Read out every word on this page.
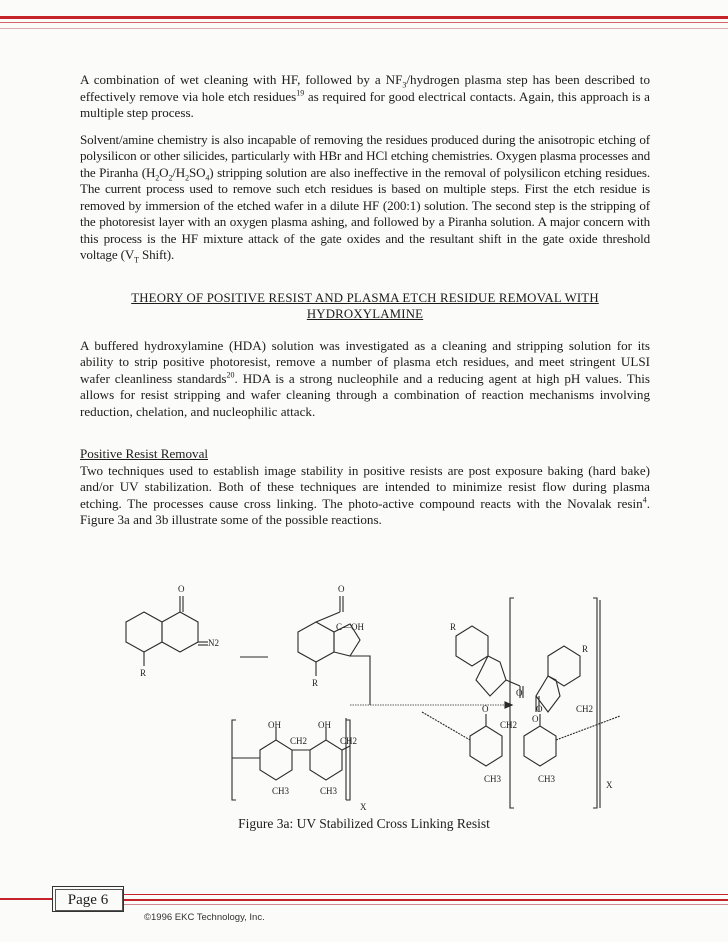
A combination of wet cleaning with HF, followed by a $NF_3$/hydrogen plasma step has been described to effectively remove via hole etch residues$^{19}$ as required for good electrical contacts. Again, this approach is a multiple step process.

Solvent/amine chemistry is also incapable of removing the residues produced during the anisotropic etching of polysilicon or other silicides, particularly with HBr and HCl etching chemistries. Oxygen plasma processes and the Piranha $(H_2O_2/H_2SO_4)$ stripping solution are also ineffective in the removal of polysilicon etching residues. The current process used to remove such etch residues is based on multiple steps. First the etch residue is removed by immersion of the etched wafer in a dilute HF (200:1) solution. The second step is the stripping of the photoresist layer with an oxygen plasma ashing, and followed by a Piranha solution. A major concern with this process is the HF mixture attack of the gate oxides and the resultant shift in the gate oxide threshold voltage ($V_T$ Shift).

THEORY OF POSITIVE RESIST AND PLASMA ETCH RESIDUE REMOVAL WITH HYDROXYLAMINE

A buffered hydroxylamine (HDA) solution was investigated as a cleaning and stripping solution for its ability to strip positive photoresist, remove a number of plasma etch residues, and meet stringent ULSI wafer cleanliness standards$^{20}$. HDA is a strong nucleophile and a reducing agent at high pH values. This allows for resist stripping and wafer cleaning through a combination of reaction mechanisms involving reduction, chelation, and nucleophilic attack.

Positive Resist Removal

Two techniques used to establish image stability in positive resists are post exposure baking (hard bake) and/or UV stabilization. Both of these techniques are intended to minimize resist flow during plasma etching. The processes cause cross linking. The photo-active compound reacts with the Novalak resin$^4$. Figure 3a and 3b illustrate some of the possible reactions.

O
N2
R
O
C—OH
R
OH	OH
CH2	CH2
CH3	CH3
X
R
R
O
O
O	O
CH2
CH2
CH3	CH3
X
Figure 3a: UV Stabilized Cross Linking Resist
Page 6
©1996 EKC Technology, Inc.
